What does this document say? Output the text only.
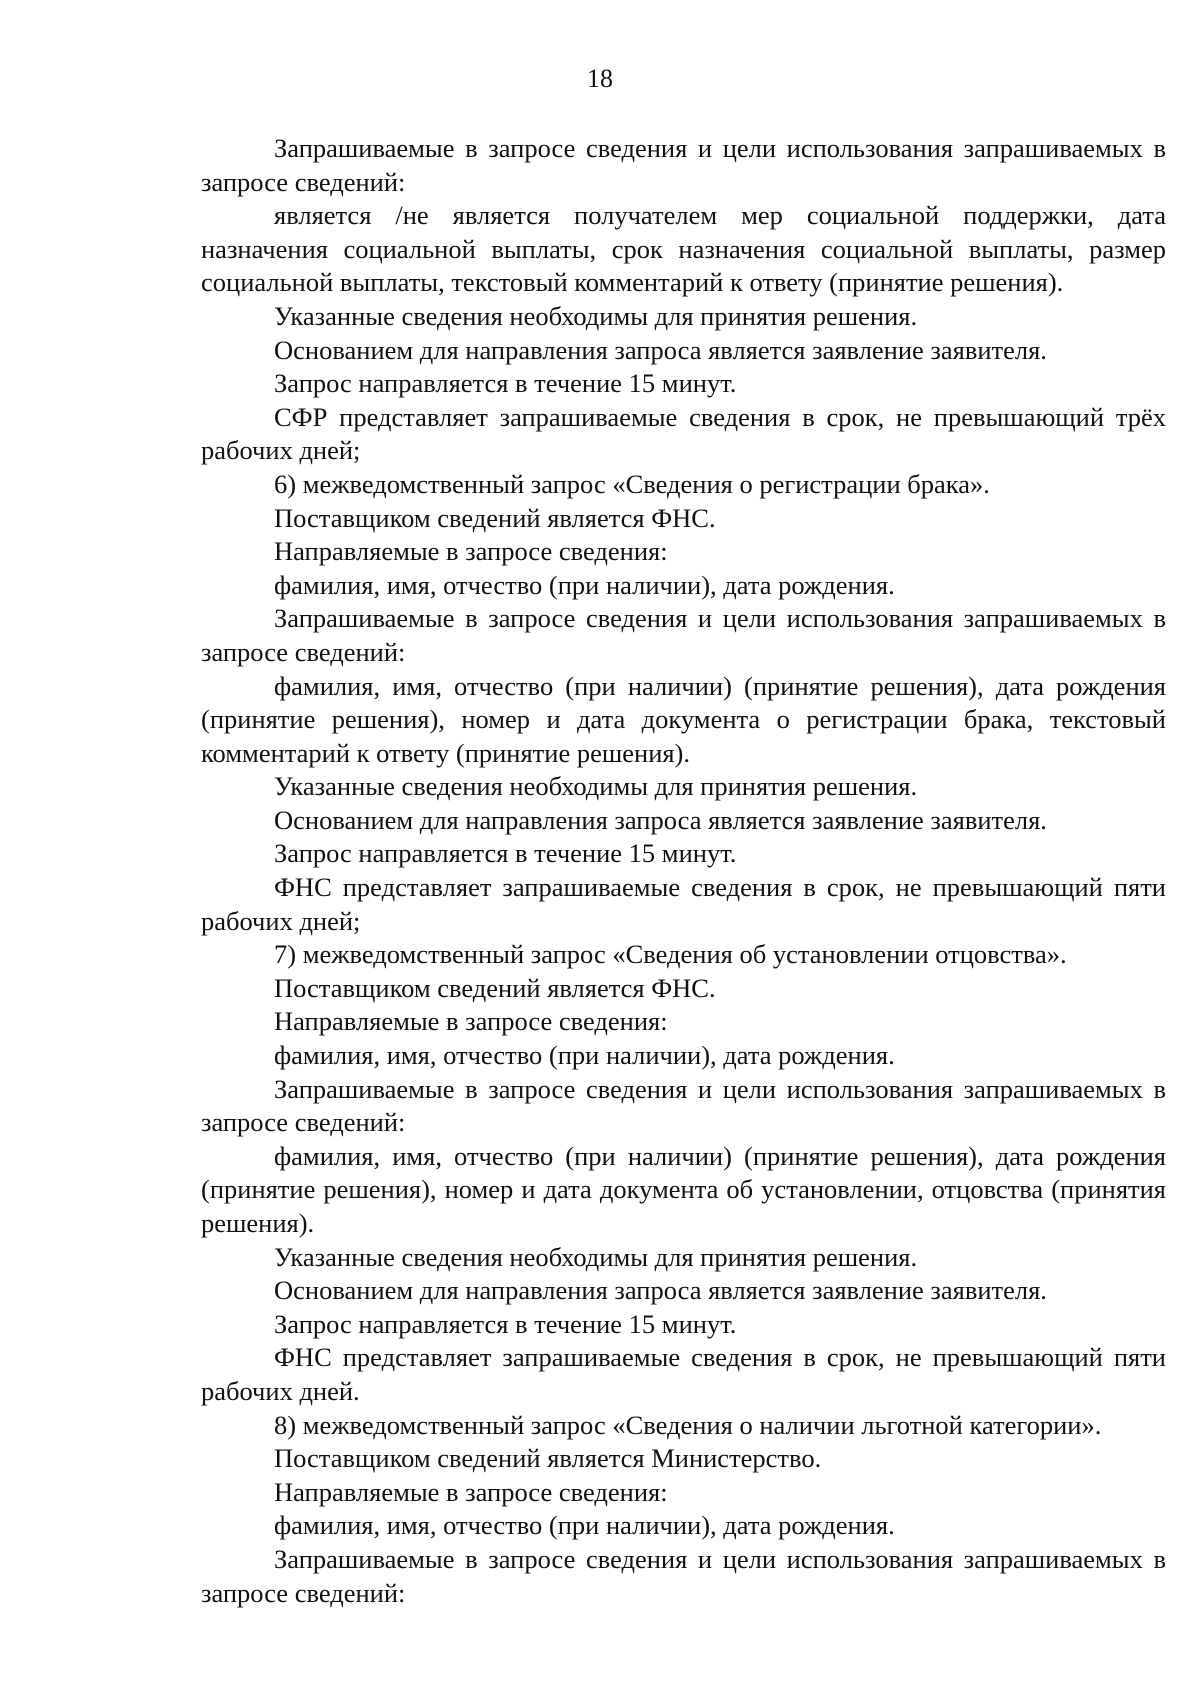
18

Запрашиваемые в запросе сведения и цели использования запрашиваемых в запросе сведений:

является /не является получателем мер социальной поддержки, дата назначения социальной выплаты, срок назначения социальной выплаты, размер социальной выплаты, текстовый комментарий к ответу (принятие решения).

Указанные сведения необходимы для принятия решения.

Основанием для направления запроса является заявление заявителя.

Запрос направляется в течение 15 минут.

СФР представляет запрашиваемые сведения в срок, не превышающий трёх рабочих дней;

6) межведомственный запрос «Сведения о регистрации брака».

Поставщиком сведений является ФНС.

Направляемые в запросе сведения:

фамилия, имя, отчество (при наличии), дата рождения.

Запрашиваемые в запросе сведения и цели использования запрашиваемых в запросе сведений:

фамилия, имя, отчество (при наличии) (принятие решения), дата рождения (принятие решения), номер и дата документа о регистрации брака, текстовый комментарий к ответу (принятие решения).

Указанные сведения необходимы для принятия решения.

Основанием для направления запроса является заявление заявителя.

Запрос направляется в течение 15 минут.

ФНС представляет запрашиваемые сведения в срок, не превышающий пяти рабочих дней;

7) межведомственный запрос «Сведения об установлении отцовства».

Поставщиком сведений является ФНС.

Направляемые в запросе сведения:

фамилия, имя, отчество (при наличии), дата рождения.

Запрашиваемые в запросе сведения и цели использования запрашиваемых в запросе сведений:

фамилия, имя, отчество (при наличии) (принятие решения), дата рождения (принятие решения), номер и дата документа об установлении, отцовства (принятия решения).

Указанные сведения необходимы для принятия решения.

Основанием для направления запроса является заявление заявителя.

Запрос направляется в течение 15 минут.

ФНС представляет запрашиваемые сведения в срок, не превышающий пяти рабочих дней.

8) межведомственный запрос «Сведения о наличии льготной категории».

Поставщиком сведений является Министерство.

Направляемые в запросе сведения:

фамилия, имя, отчество (при наличии), дата рождения.

Запрашиваемые в запросе сведения и цели использования запрашиваемых в запросе сведений:
